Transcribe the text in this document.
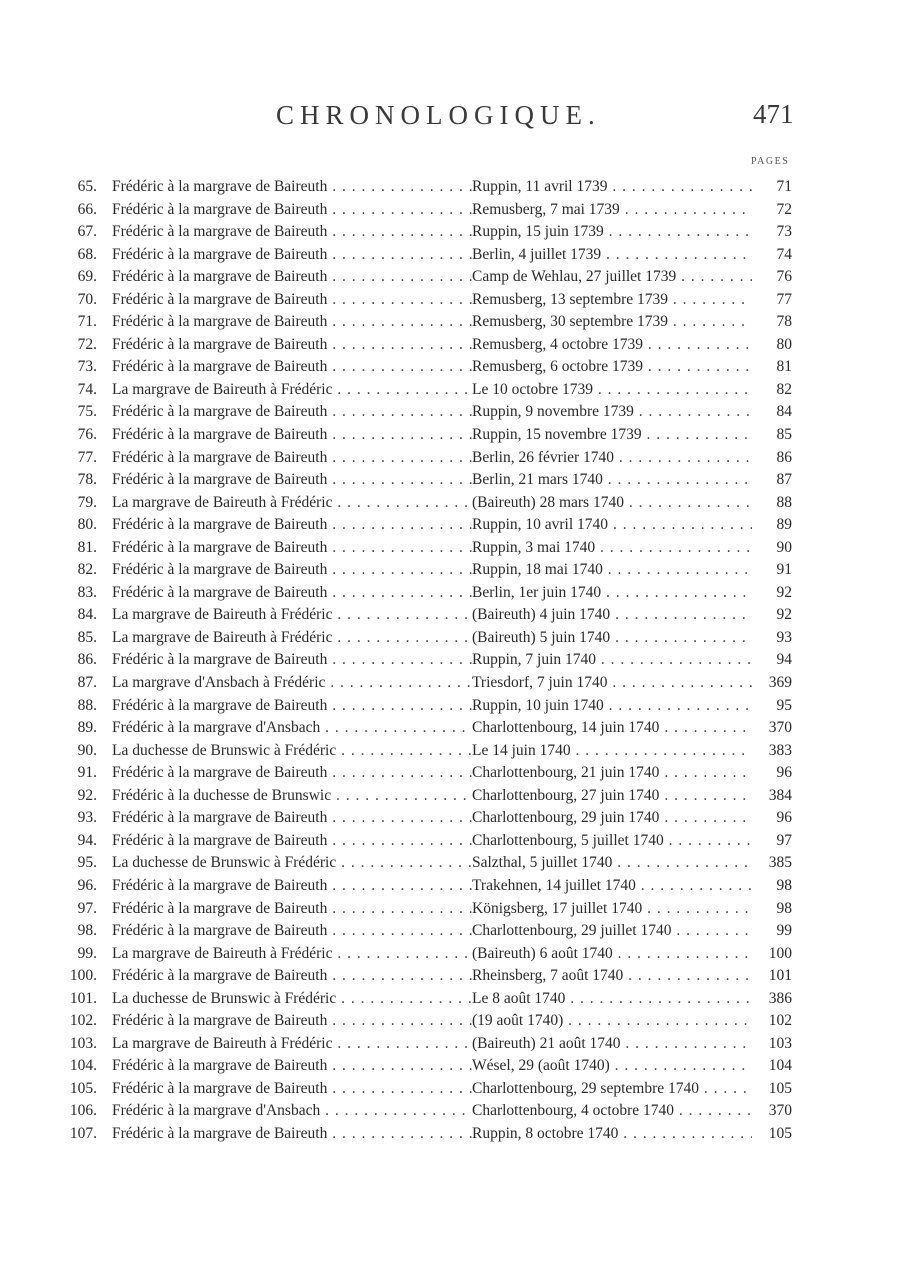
CHRONOLOGIQUE.	471
PAGES
65. Frédéric à la margrave de Baireuth . . .	Ruppin, 11 avril 1739 . . .	71
66. Frédéric à la margrave de Baireuth . . .	Remusberg, 7 mai 1739 . . .	72
67. Frédéric à la margrave de Baireuth . . .	Ruppin, 15 juin 1739 . . .	73
68. Frédéric à la margrave de Baireuth . . .	Berlin, 4 juillet 1739 . . .	74
69. Frédéric à la margrave de Baireuth . . .	Camp de Wehlau, 27 juillet 1739 . . .	76
70. Frédéric à la margrave de Baireuth . . .	Remusberg, 13 septembre 1739 . . .	77
71. Frédéric à la margrave de Baireuth . . .	Remusberg, 30 septembre 1739 . . .	78
72. Frédéric à la margrave de Baireuth . . .	Remusberg, 4 octobre 1739 . . .	80
73. Frédéric à la margrave de Baireuth . . .	Remusberg, 6 octobre 1739 . . .	81
74. La margrave de Baireuth à Frédéric . . .	Le 10 octobre 1739 . . .	82
75. Frédéric à la margrave de Baireuth . . .	Ruppin, 9 novembre 1739 . . .	84
76. Frédéric à la margrave de Baireuth . . .	Ruppin, 15 novembre 1739 . . .	85
77. Frédéric à la margrave de Baireuth . . .	Berlin, 26 février 1740 . . .	86
78. Frédéric à la margrave de Baireuth . . .	Berlin, 21 mars 1740 . . .	87
79. La margrave de Baireuth à Frédéric . . .	(Baireuth) 28 mars 1740 . . .	88
80. Frédéric à la margrave de Baireuth . . .	Ruppin, 10 avril 1740 . . .	89
81. Frédéric à la margrave de Baireuth . . .	Ruppin, 3 mai 1740 . . .	90
82. Frédéric à la margrave de Baireuth . . .	Ruppin, 18 mai 1740 . . .	91
83. Frédéric à la margrave de Baireuth . . .	Berlin, 1er juin 1740 . . .	92
84. La margrave de Baireuth à Frédéric . . .	(Baireuth) 4 juin 1740 . . .	92
85. La margrave de Baireuth à Frédéric . . .	(Baireuth) 5 juin 1740 . . .	93
86. Frédéric à la margrave de Baireuth . . .	Ruppin, 7 juin 1740 . . .	94
87. La margrave d'Ansbach à Frédéric . . .	Triesdorf, 7 juin 1740 . . .	369
88. Frédéric à la margrave de Baireuth . . .	Ruppin, 10 juin 1740 . . .	95
89. Frédéric à la margrave d'Ansbach . . .	Charlottenbourg, 14 juin 1740 . . .	370
90. La duchesse de Brunswic à Frédéric . . .	Le 14 juin 1740 . . .	383
91. Frédéric à la margrave de Baireuth . . .	Charlottenbourg, 21 juin 1740 . . .	96
92. Frédéric à la duchesse de Brunswic . . .	Charlottenbourg, 27 juin 1740 . . .	384
93. Frédéric à la margrave de Baireuth . . .	Charlottenbourg, 29 juin 1740 . . .	96
94. Frédéric à la margrave de Baireuth . . .	Charlottenbourg, 5 juillet 1740 . . .	97
95. La duchesse de Brunswic à Frédéric . . .	Salzthal, 5 juillet 1740 . . .	385
96. Frédéric à la margrave de Baireuth . . .	Trakehnen, 14 juillet 1740 . . .	98
97. Frédéric à la margrave de Baireuth . . .	Königsberg, 17 juillet 1740 . . .	98
98. Frédéric à la margrave de Baireuth . . .	Charlottenbourg, 29 juillet 1740 . . .	99
99. La margrave de Baireuth à Frédéric . . .	(Baireuth) 6 août 1740 . . .	100
100. Frédéric à la margrave de Baireuth . . .	Rheinsberg, 7 août 1740 . . .	101
101. La duchesse de Brunswic à Frédéric . . .	Le 8 août 1740 . . .	386
102. Frédéric à la margrave de Baireuth . . .	(19 août 1740) . . .	102
103. La margrave de Baireuth à Frédéric . . .	(Baireuth) 21 août 1740 . . .	103
104. Frédéric à la margrave de Baireuth . . .	Wésel, 29 (août 1740) . . .	104
105. Frédéric à la margrave de Baireuth . . .	Charlottenbourg, 29 septembre 1740 . . .	105
106. Frédéric à la margrave d'Ansbach . . .	Charlottenbourg, 4 octobre 1740 . . .	370
107. Frédéric à la margrave de Baireuth . . .	Ruppin, 8 octobre 1740 . . .	105
